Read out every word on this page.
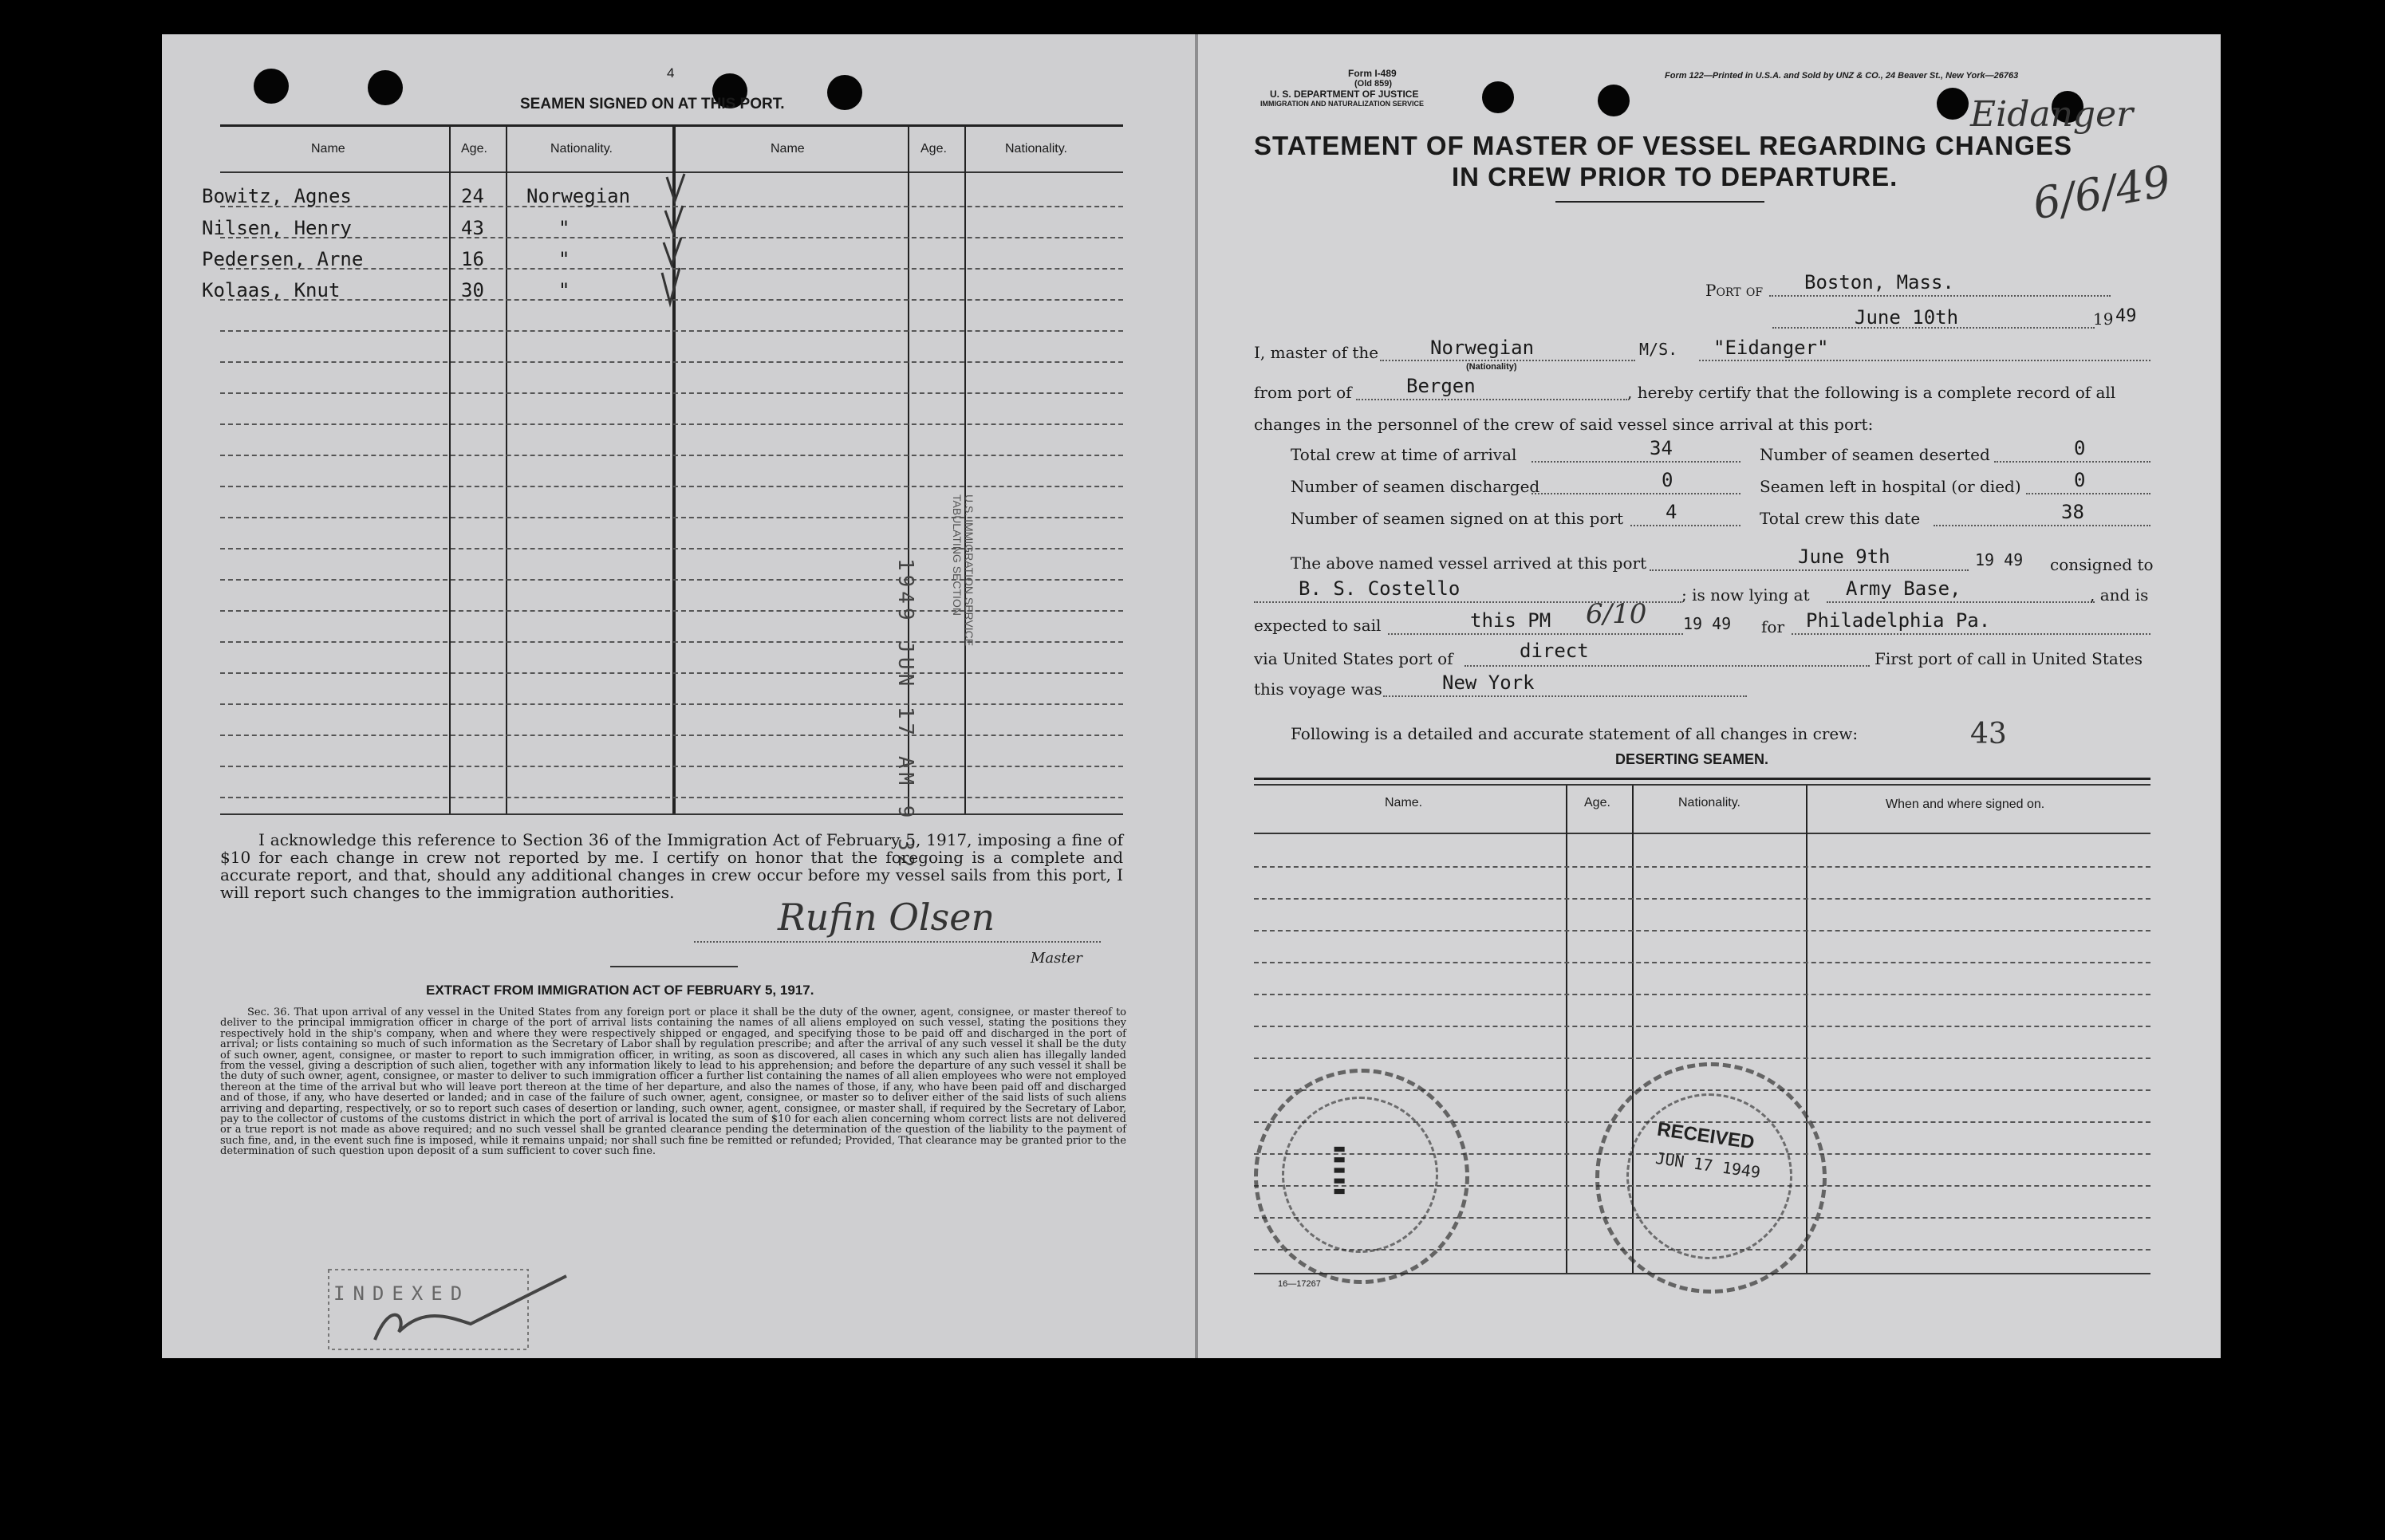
4
SEAMEN SIGNED ON AT THIS PORT.
Name	Age.	Nationality.	Name	Age.	Nationality.
Bowitz, Agnes	24 Norwegian
Nilsen, Henry	43	"
Pedersen, Arne	16	"
Kolaas, Knut	30	"
1949 JUN 17 AM 9 32	U.S. IMMIGRATION SERVICE TABULATING SECTION
I acknowledge this reference to Section 36 of the Immigration Act of February 5, 1917, imposing a fine of $10 for each change in crew not reported by me. I certify on honor that the foregoing is a complete and accurate report, and that, should any additional changes in crew occur before my vessel sails from this port, I will report such changes to the immigration authorities.
Rufin Olsen
Master
EXTRACT FROM IMMIGRATION ACT OF FEBRUARY 5, 1917.
Sec. 36. That upon arrival of any vessel in the United States from any foreign port or place it shall be the duty of the owner, agent, consignee, or master thereof to deliver to the principal immigration officer in charge of the port of arrival lists containing the names of all aliens employed on such vessel, stating the positions they respectively hold in the ship's company, when and where they were respectively shipped or engaged, and specifying those to be paid off and discharged in the port of arrival; or lists containing so much of such information as the Secretary of Labor shall by regulation prescribe; and after the arrival of any such vessel it shall be the duty of such owner, agent, consignee, or master to report to such immigration officer, in writing, as soon as discovered, all cases in which any such alien has illegally landed from the vessel, giving a description of such alien, together with any information likely to lead to his apprehension; and before the departure of any such vessel it shall be the duty of such owner, agent, consignee, or master to deliver to such immigration officer a further list containing the names of all alien employees who were not employed thereon at the time of the arrival but who will leave port thereon at the time of her departure, and also the names of those, if any, who have been paid off and discharged and of those, if any, who have deserted or landed; and in case of the failure of such owner, agent, consignee, or master so to deliver either of the said lists of such aliens arriving and departing, respectively, or so to report such cases of desertion or landing, such owner, agent, consignee, or master shall, if required by the Secretary of Labor, pay to the collector of customs of the customs district in which the port of arrival is located the sum of $10 for each alien concerning whom correct lists are not delivered or a true report is not made as above required; and no such vessel shall be granted clearance pending the determination of the question of the liability to the payment of such fine, and, in the event such fine is imposed, while it remains unpaid; nor shall such fine be remitted or refunded; Provided, That clearance may be granted prior to the determination of such question upon deposit of a sum sufficient to cover such fine.
INDEXED
Form I-489
(Old 859)
U. S. DEPARTMENT OF JUSTICE
IMMIGRATION AND NATURALIZATION SERVICE
Form 122—Printed in U.S.A. and Sold by UNZ & CO., 24 Beaver St., New York—26763
STATEMENT OF MASTER OF VESSEL REGARDING CHANGES
IN CREW PRIOR TO DEPARTURE.
Eidanger
6/6/49
Port of Boston, Mass.
June 10th	19 49
I, master of the	Norwegian
(Nationality)
M/S. "Eidanger"
from port of	Bergen	, hereby certify that the following is a complete record of all
changes in the personnel of the crew of said vessel since arrival at this port:
Total crew at time of arrival	34	Number of seamen deserted	0
Number of seamen discharged	0	Seamen left in hospital (or died)	0
Number of seamen signed on at this port 4	Total crew this date	38
The above named vessel arrived at this port	June 9th	19 49 consigned to
B. S. Costello	; is now lying at Army Base,	, and is
expected to sail	this PM 6/10 19 49 for Philadelphia Pa.
via United States port of	direct	First port of call in United States
this voyage was	New York
Following is a detailed and accurate statement of all changes in crew:	43
DESERTING SEAMEN.
Name.	Age.	Nationality.	When and where signed on.
▮▮▮▮▮
RECEIVED
JUN 17 1949
16—17267
